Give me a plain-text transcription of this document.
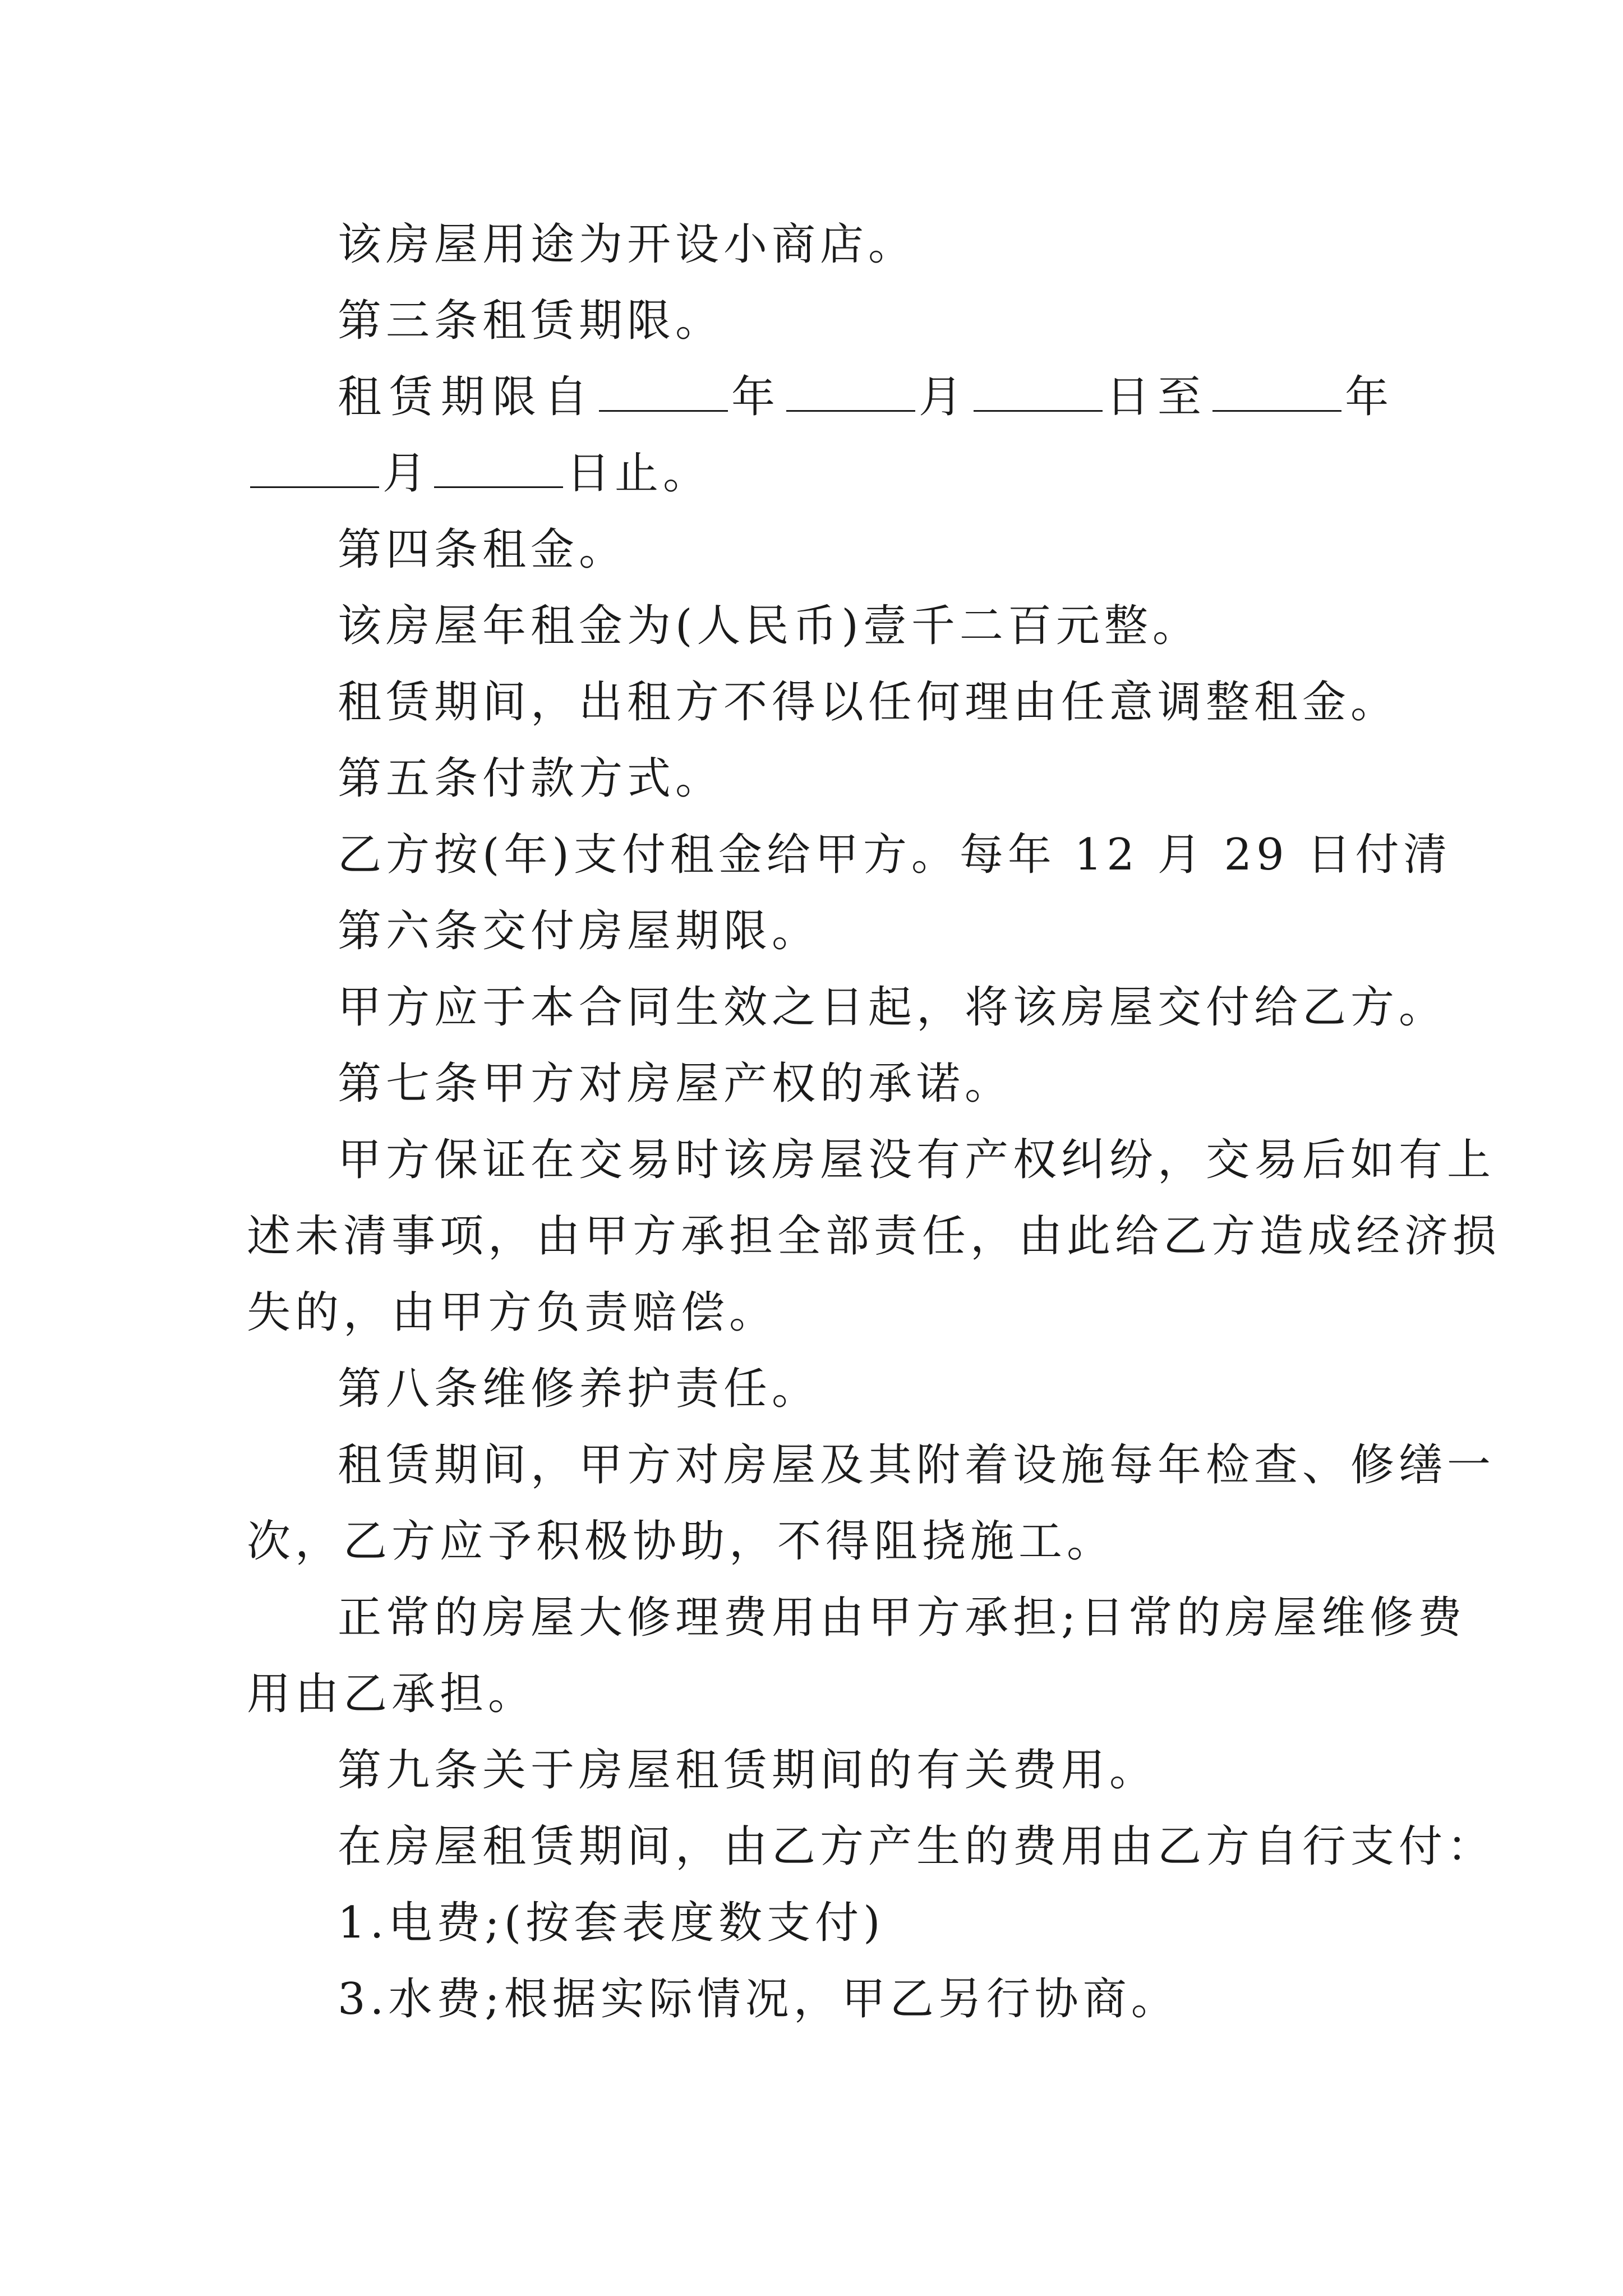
该房屋用途为开设小商店。
第三条租赁期限。
租赁期限自	年	月	日至	年
月	日止。
第四条租金。
该房屋年租金为(人民币)壹千二百元整。
租赁期间，出租方不得以任何理由任意调整租金。
第五条付款方式。
乙方按(年)支付租金给甲方。每年 12 月 29 日付清
第六条交付房屋期限。
甲方应于本合同生效之日起，将该房屋交付给乙方。
第七条甲方对房屋产权的承诺。
甲方保证在交易时该房屋没有产权纠纷，交易后如有上
述未清事项，由甲方承担全部责任，由此给乙方造成经济损
失的，由甲方负责赔偿。
第八条维修养护责任。
租赁期间，甲方对房屋及其附着设施每年检查、修缮一
次，乙方应予积极协助，不得阻挠施工。
正常的房屋大修理费用由甲方承担;日常的房屋维修费
用由乙承担。
第九条关于房屋租赁期间的有关费用。
在房屋租赁期间，由乙方产生的费用由乙方自行支付：
1.电费;(按套表度数支付)
3.水费;根据实际情况，甲乙另行协商。
